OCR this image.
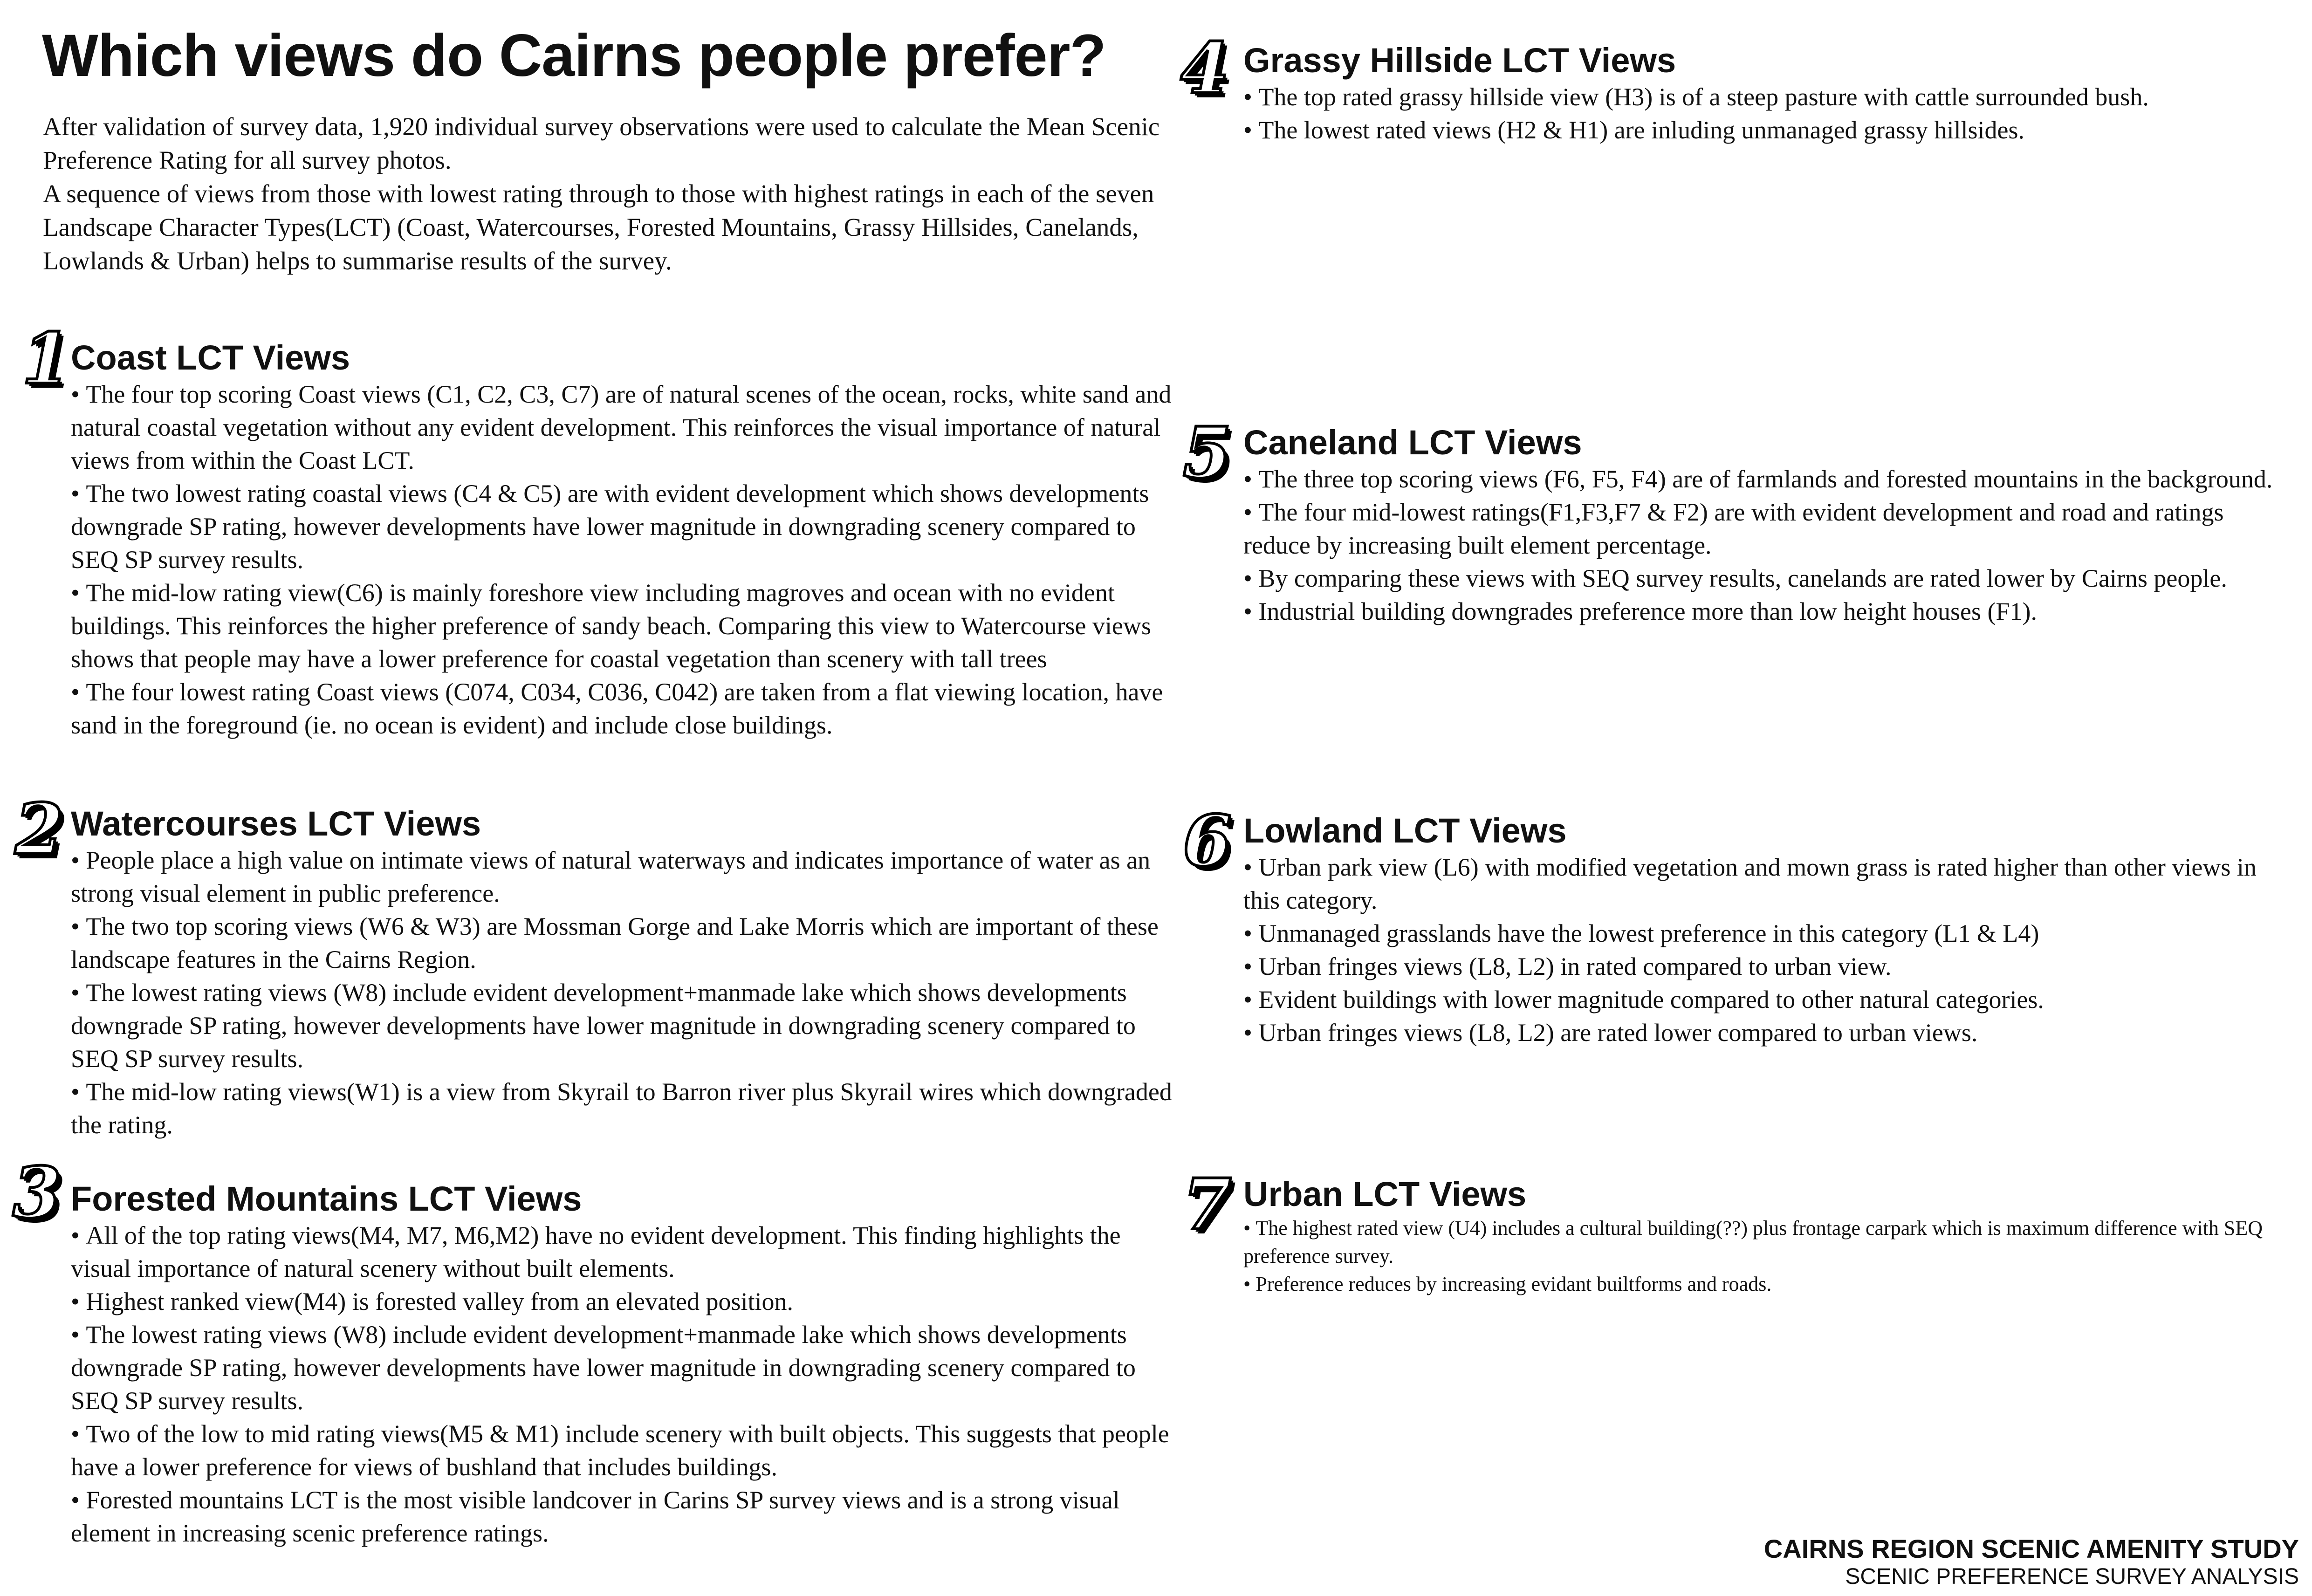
Which views do Cairns people prefer?

After validation of survey data, 1,920 individual survey observations were used to calculate the Mean Scenic Preference Rating for all survey photos.

A sequence of views from those with lowest rating through to those with highest ratings in each of the seven Landscape Character Types(LCT) (Coast, Watercourses, Forested Mountains, Grassy Hillsides, Canelands, Lowlands & Urban) helps to summarise results of the survey.

1 Coast LCT Views
• The four top scoring Coast views (C1, C2, C3, C7) are of natural scenes of the ocean, rocks, white sand and natural coastal vegetation without any evident development. This reinforces the visual importance of natural views from within the Coast LCT.
• The two lowest rating coastal views (C4 & C5) are with evident development which shows developments downgrade SP rating, however developments have lower magnitude in downgrading scenery compared to SEQ SP survey results.
• The mid-low rating view(C6) is mainly foreshore view including magroves and ocean with no evident buildings. This reinforces the higher preference of sandy beach. Comparing this view to Watercourse views shows that people may have a lower preference for coastal vegetation than scenery with tall trees
• The four lowest rating Coast views (C074, C034, C036, C042) are taken from a flat viewing location, have sand in the foreground (ie. no ocean is evident) and include close buildings.
2 Watercourses LCT Views
• People place a high value on intimate views of natural waterways and indicates importance of water as an strong visual element in public preference.
• The two top scoring views (W6 & W3) are Mossman Gorge and Lake Morris which are important of these landscape features in the Cairns Region.
• The lowest rating views (W8) include evident development+manmade lake which shows developments downgrade SP rating, however developments have lower magnitude in downgrading scenery compared to SEQ SP survey results.
• The mid-low rating views(W1) is a view from Skyrail to Barron river plus Skyrail wires which downgraded the rating.
3 Forested Mountains LCT Views
• All of the top rating views(M4, M7, M6,M2) have no evident development. This finding highlights the visual importance of natural scenery without built elements.
• Highest ranked view(M4) is forested valley from an elevated position.
• The lowest rating views (W8) include evident development+manmade lake which shows developments downgrade SP rating, however developments have lower magnitude in downgrading scenery compared to SEQ SP survey results.
• Two of the low to mid rating views(M5 & M1) include scenery with built objects. This suggests that people have a lower preference for views of bushland that includes buildings.
• Forested mountains LCT is the most visible landcover in Carins SP survey views and is a strong visual element in increasing scenic preference ratings.
4 Grassy Hillside LCT Views
• The top rated grassy hillside view (H3) is of a steep pasture with cattle surrounded bush.
• The lowest rated views (H2 & H1) are inluding unmanaged grassy hillsides.
5 Caneland LCT Views
• The three top scoring views (F6, F5, F4) are of farmlands and forested mountains in the background.
• The four mid-lowest ratings(F1,F3,F7 & F2) are with evident development and road and ratings reduce by increasing built element percentage.
• By comparing these views with SEQ survey results, canelands are rated lower by Cairns people.
• Industrial building downgrades preference more than low height houses (F1).
6 Lowland LCT Views
• Urban park view (L6) with modified vegetation and mown grass is rated higher than other views in this category.
• Unmanaged grasslands have the lowest preference in this category (L1 & L4)
• Urban fringes views (L8, L2) in rated compared to urban view.
• Evident buildings with lower magnitude compared to other natural categories.
• Urban fringes views (L8, L2) are rated lower compared to urban views.
7 Urban LCT Views
• The highest rated view (U4) includes a cultural building(??) plus frontage carpark which is maximum difference with SEQ preference survey.
• Preference reduces by increasing evidant builtforms and roads.
CAIRNS REGION SCENIC AMENITY STUDY
SCENIC PREFERENCE SURVEY ANALYSIS
